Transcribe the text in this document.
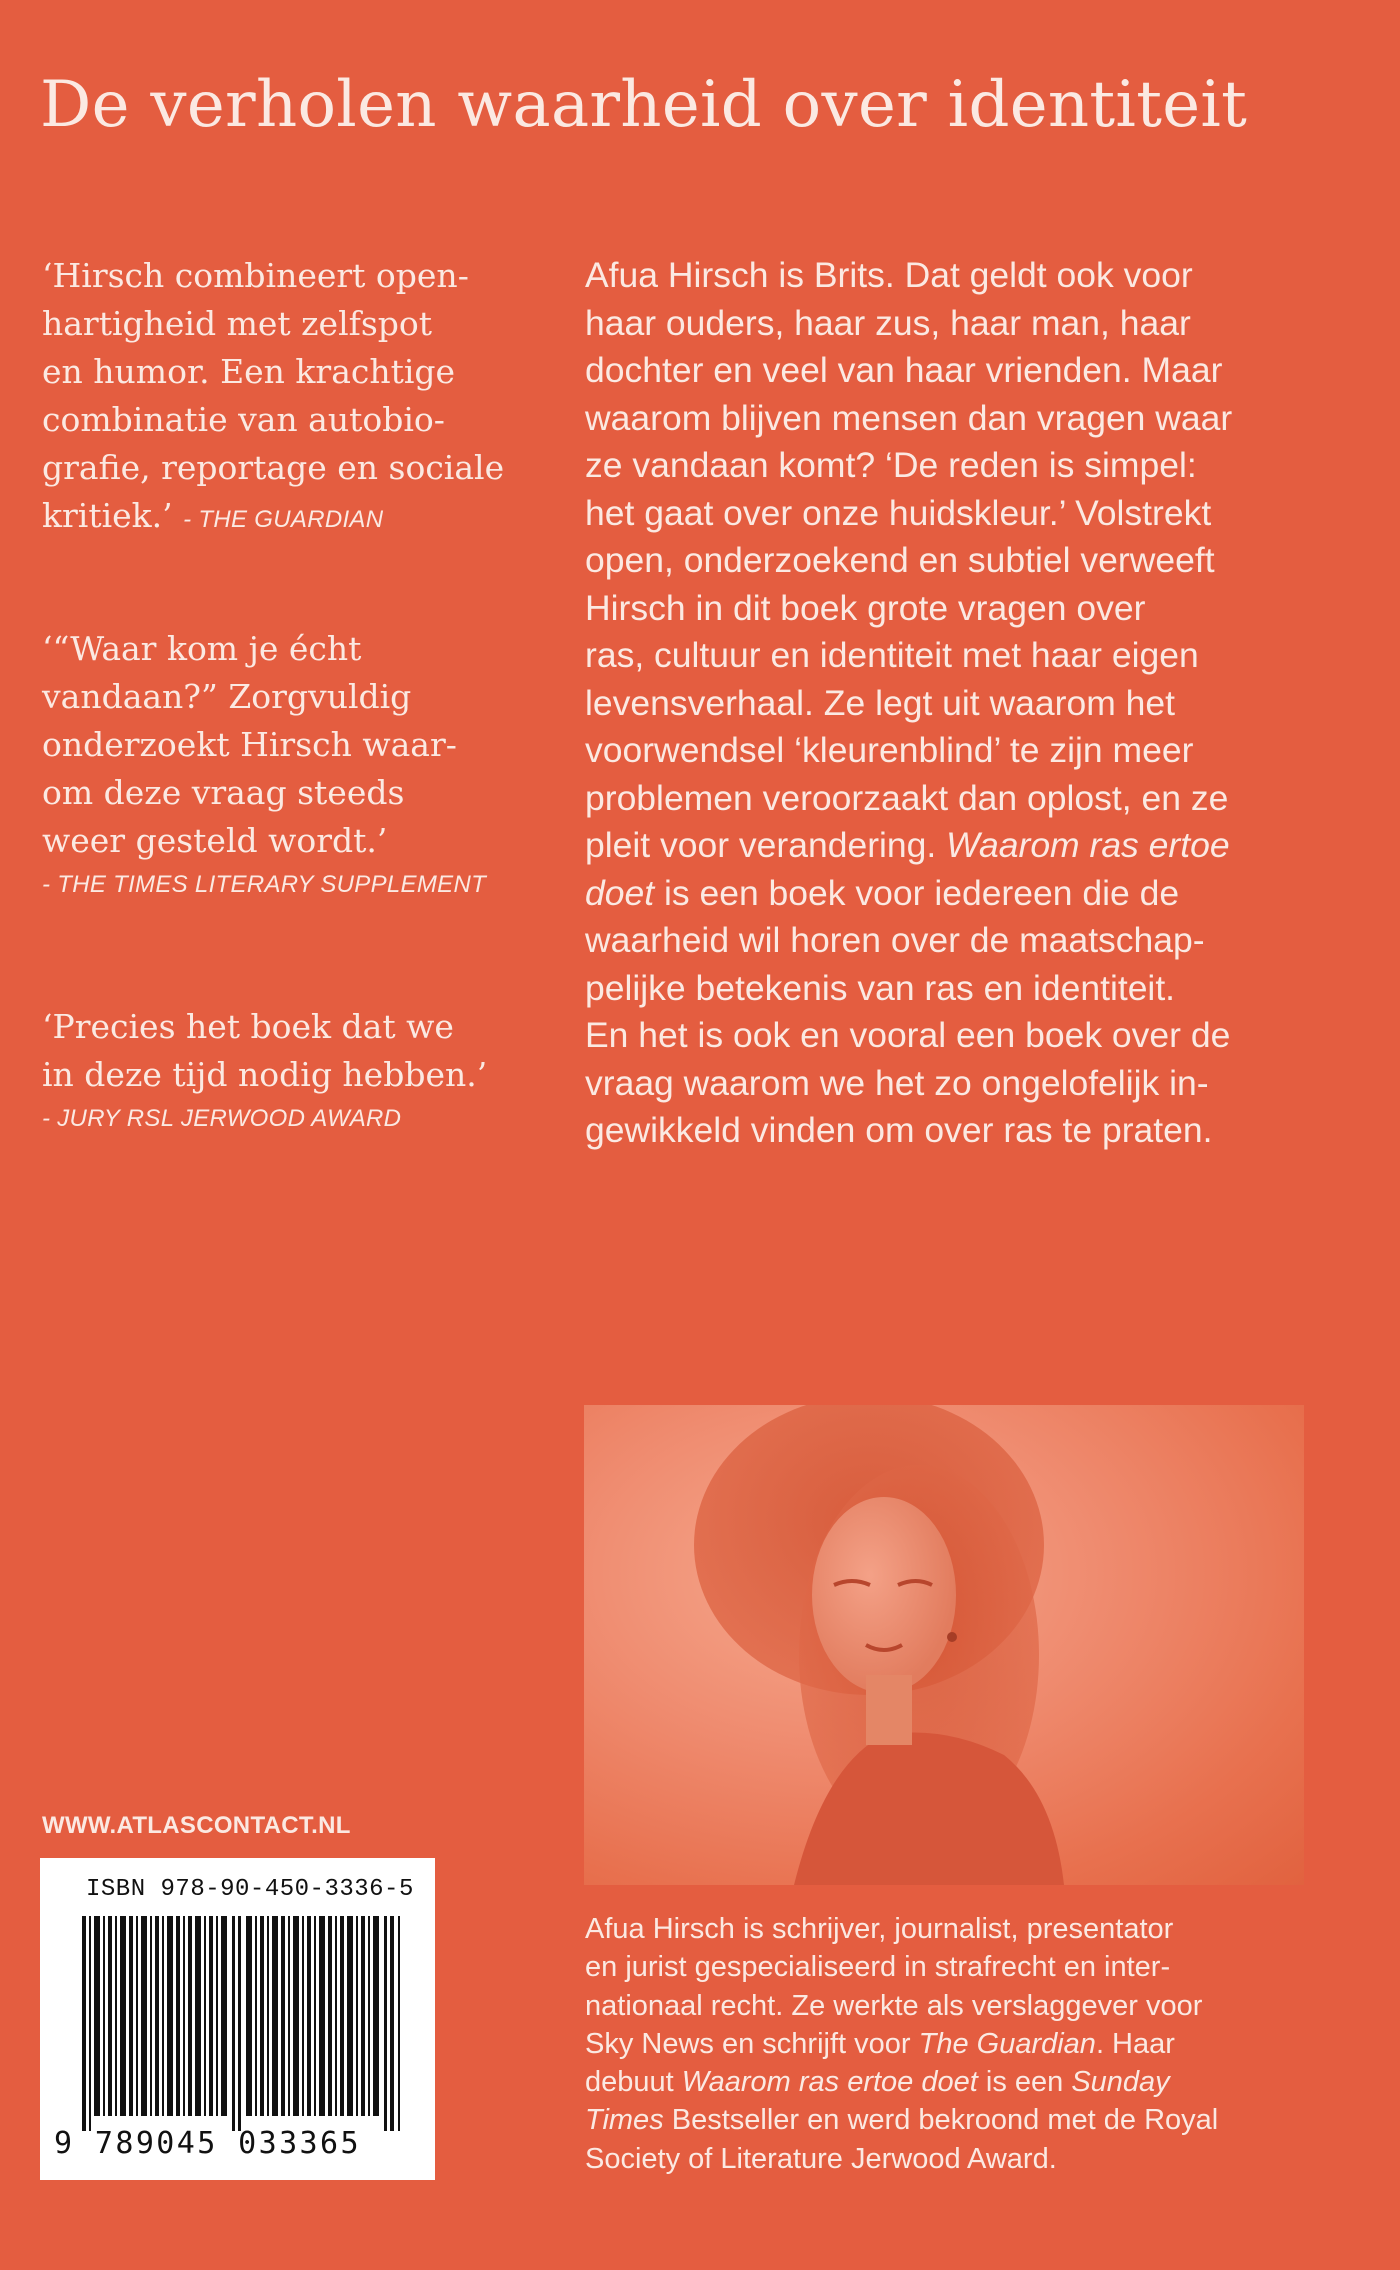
De verholen waarheid over identiteit
‘Hirsch combineert open-
hartigheid met zelfspot
en humor. Een krachtige
combinatie van autobio-
grafie, reportage en sociale
kritiek.’ - THE GUARDIAN
‘“Waar kom je écht
vandaan?” Zorgvuldig
onderzoekt Hirsch waar-
om deze vraag steeds
weer gesteld wordt.’
- THE TIMES LITERARY SUPPLEMENT
‘Precies het boek dat we
in deze tijd nodig hebben.’
- JURY RSL JERWOOD AWARD
Afua Hirsch is Brits. Dat geldt ook voor
haar ouders, haar zus, haar man, haar
dochter en veel van haar vrienden. Maar
waarom blijven mensen dan vragen waar
ze vandaan komt? ‘De reden is simpel:
het gaat over onze huidskleur.’ Volstrekt
open, onderzoekend en subtiel verweeft
Hirsch in dit boek grote vragen over
ras, cultuur en identiteit met haar eigen
levensverhaal. Ze legt uit waarom het
voorwendsel ‘kleurenblind’ te zijn meer
problemen veroorzaakt dan oplost, en ze
pleit voor verandering. Waarom ras ertoe
doet is een boek voor iedereen die de
waarheid wil horen over de maatschap-
pelijke betekenis van ras en identiteit.
En het is ook en vooral een boek over de
vraag waarom we het zo ongelofelijk in-
gewikkeld vinden om over ras te praten.
Afua Hirsch is schrijver, journalist, presentator
en jurist gespecialiseerd in strafrecht en inter-
nationaal recht. Ze werkte als verslaggever voor
Sky News en schrijft voor The Guardian. Haar
debuut Waarom ras ertoe doet is een Sunday
Times Bestseller en werd bekroond met de Royal
Society of Literature Jerwood Award.

WWW.ATLASCONTACT.NL

ISBN 978-90-450-3336-5

9 789045 033365
